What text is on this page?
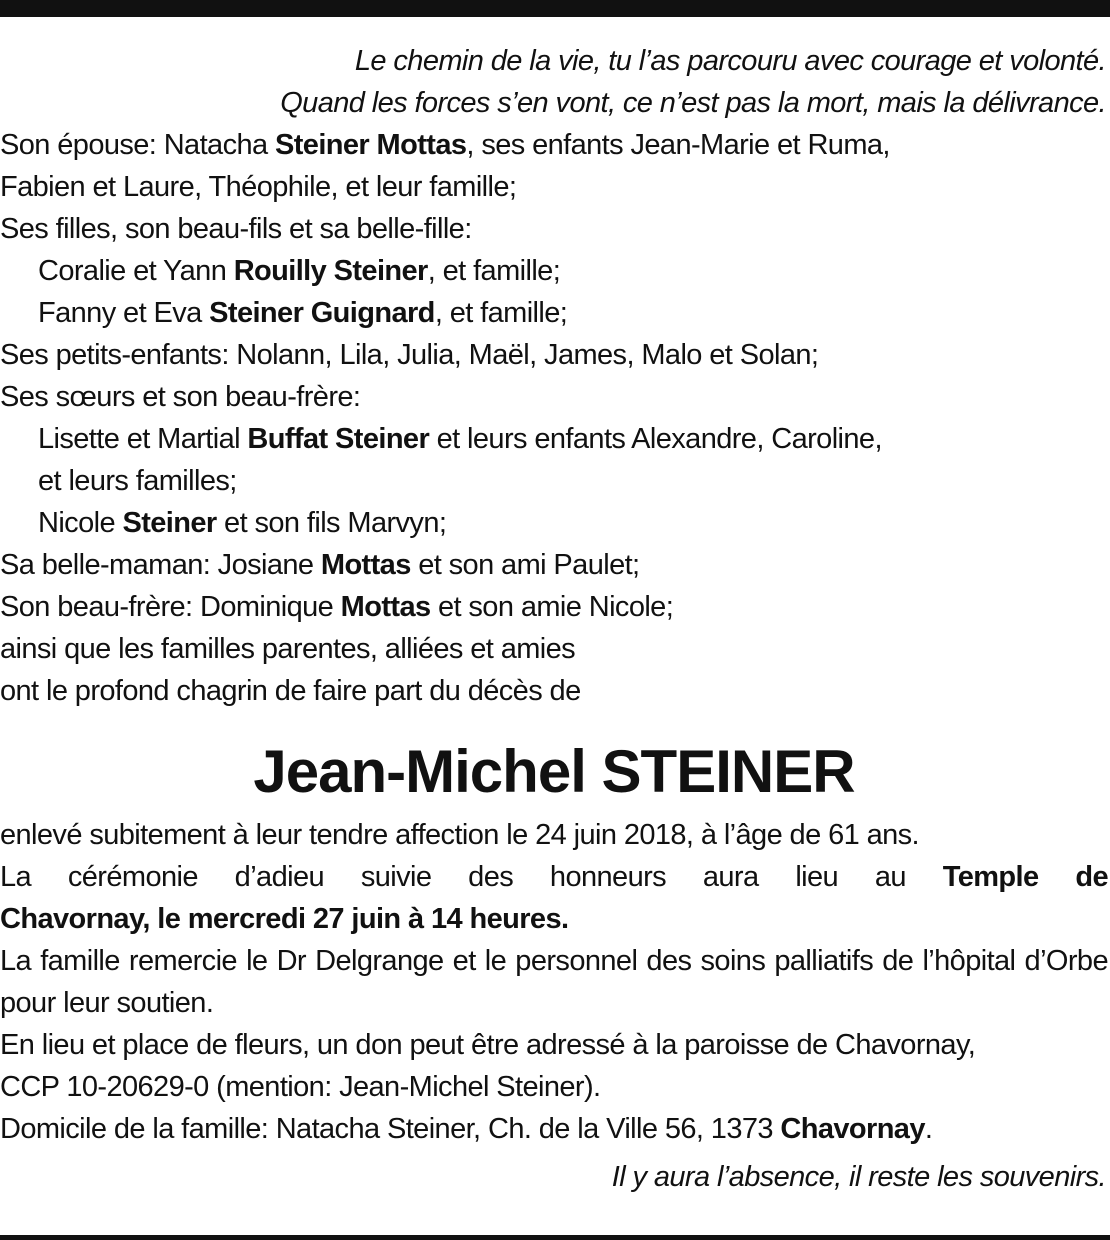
Le chemin de la vie, tu l’as parcouru avec courage et volonté.
Quand les forces s’en vont, ce n’est pas la mort, mais la délivrance.
Son épouse: Natacha Steiner Mottas, ses enfants Jean-Marie et Ruma,
Fabien et Laure, Théophile, et leur famille;
Ses filles, son beau-fils et sa belle-fille:
Coralie et Yann Rouilly Steiner, et famille;
Fanny et Eva Steiner Guignard, et famille;
Ses petits-enfants: Nolann, Lila, Julia, Maël, James, Malo et Solan;
Ses sœurs et son beau-frère:
Lisette et Martial Buffat Steiner et leurs enfants Alexandre, Caroline,
et leurs familles;
Nicole Steiner et son fils Marvyn;
Sa belle-maman: Josiane Mottas et son ami Paulet;
Son beau-frère: Dominique Mottas et son amie Nicole;
ainsi que les familles parentes, alliées et amies
ont le profond chagrin de faire part du décès de
Jean-Michel STEINER
enlevé subitement à leur tendre affection le 24 juin 2018, à l’âge de 61 ans.
La cérémonie d’adieu suivie des honneurs aura lieu au Temple de
Chavornay, le mercredi 27 juin à 14 heures.
La famille remercie le Dr Delgrange et le personnel des soins palliatifs de l’hôpital d’Orbe pour leur soutien.
En lieu et place de fleurs, un don peut être adressé à la paroisse de Chavornay,
CCP 10-20629-0 (mention: Jean-Michel Steiner).
Domicile de la famille: Natacha Steiner, Ch. de la Ville 56, 1373 Chavornay.
Il y aura l’absence, il reste les souvenirs.
